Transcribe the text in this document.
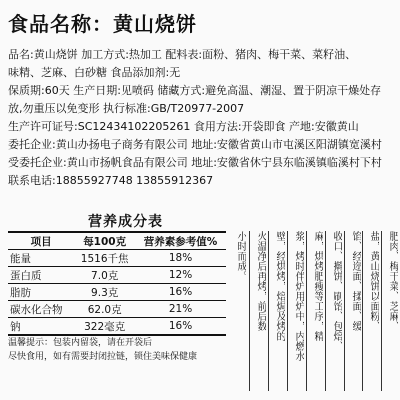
食品名称：黄山烧饼
品名:黄山烧饼 加工方式:热加工 配料表:面粉、猪肉、梅干菜、菜籽油、
味精、芝麻、白砂糖 食品添加剂:无
保质期:60天 生产日期:见喷码 储藏方式:避免高温、潮湿、置于阴凉干燥处存
放,勿重压以免变形 执行标准:GB/T20977-2007
生产许可证号:SC12434102205261 食用方法:开袋即食 产地:安徽黄山
委托企业:黄山办扬电子商务有限公司 地址:安徽省黄山市屯溪区阳湖镇宽溪村
受委托企业:黄山市扬帆食品有限公司 地址:安徽省休宁县东临溪镇临溪村下村
联系电话:18855927748 13855912367
营养成分表
项目	每100克	营养素参考值%
能量	1516千焦	18%
蛋白质	7.0克	12%
脂肪	9.3克	16%
碳水化合物	62.0克	21%
钠	322毫克	16%
温馨提示：包装内留袋，请在开袋后
尽快食用，如有需要封闭拉链，锁住美味保健康
小时而成。 火温净后再烤，前后数 壁，经烘烤，焙焗及烤的 浆，烤时伴炉用炉中，内燃水 麻，烘烤肥瘦等工序，精 收口、擀饼、刷饴、包焙、 馅、经迩面、揉面、缓 盐，黄山烧饼以面粉、 肥肉、梅干菜、芝麻、
